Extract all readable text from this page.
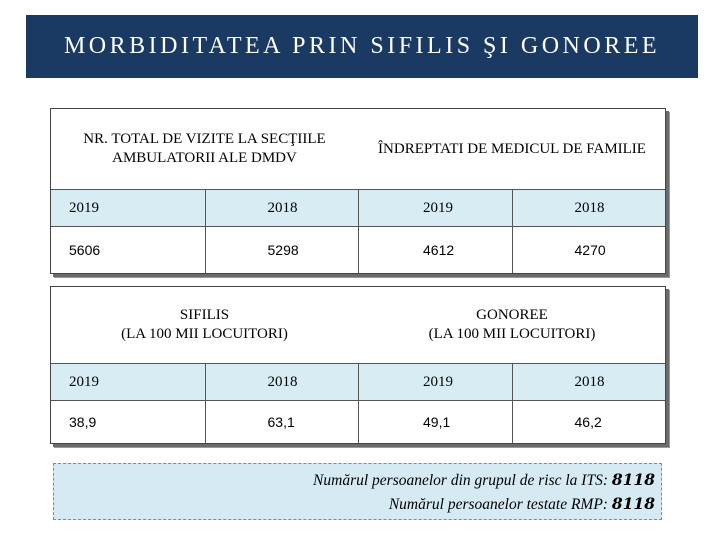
MORBIDITATEA PRIN SIFILIS ŞI GONOREE
NR. TOTAL DE VIZITE LA SECŢIILE AMBULATORII ALE DMDV
ÎNDREPTATI DE MEDICUL DE FAMILIE
2019	2018	2019	2018
5606	5298	4612	4270
SIFILIS
(LA 100 MII LOCUITORI)
GONOREE
(LA 100 MII LOCUITORI)
2019	2018	2019	2018
38,9	63,1	49,1	46,2
Numărul persoanelor din grupul de risc la ITS: 8118
Numărul persoanelor testate RMP: 8118
